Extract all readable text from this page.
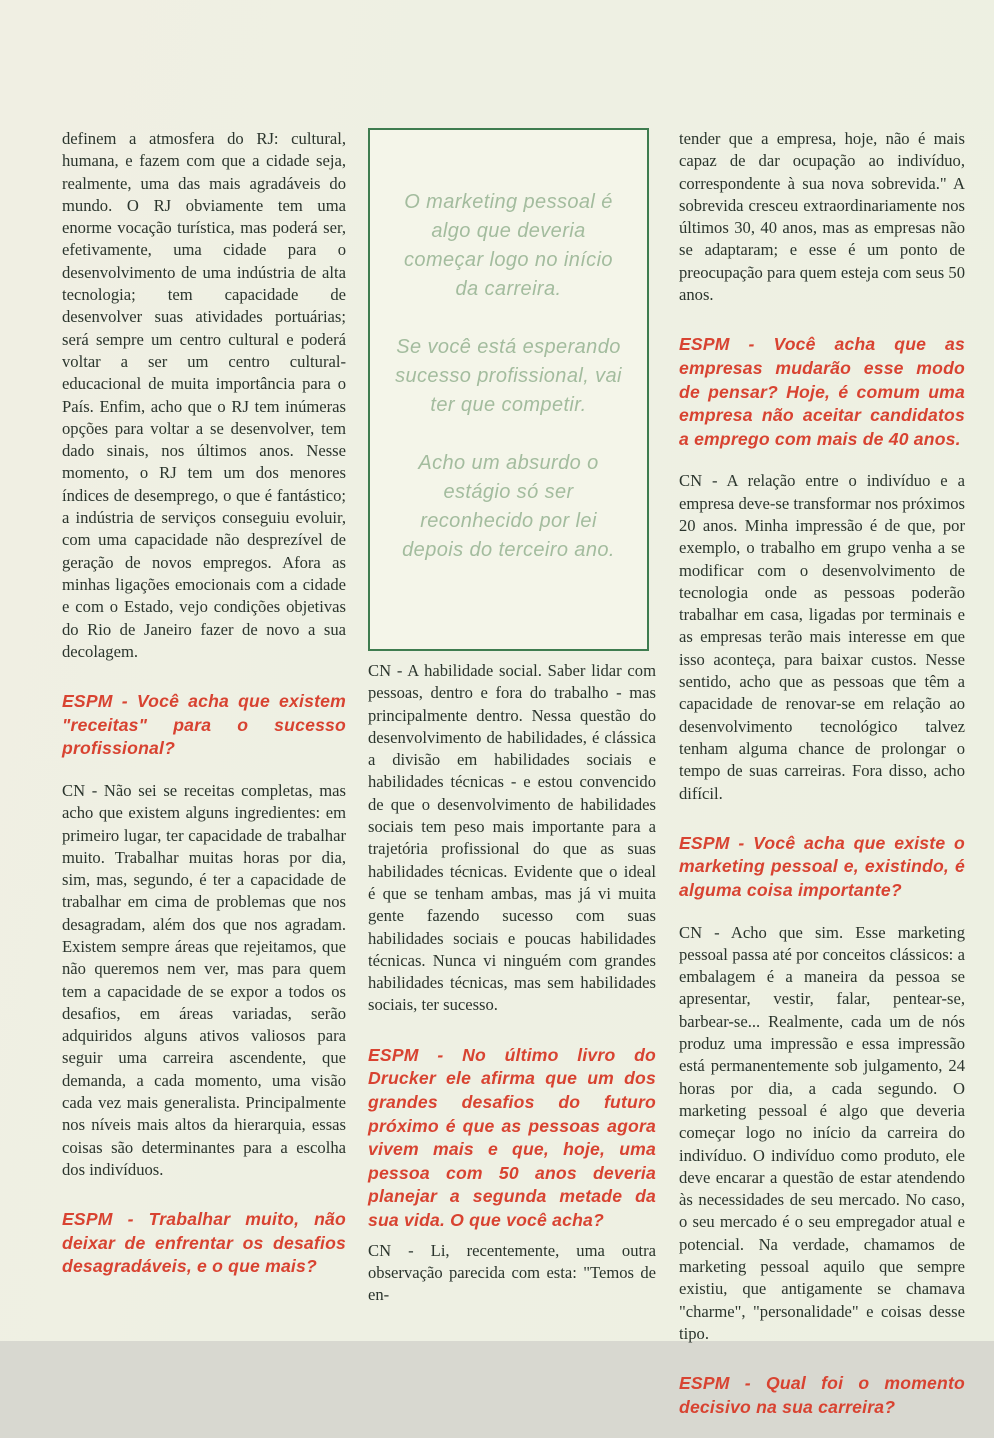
definem a atmosfera do RJ: cultural, humana, e fazem com que a cidade seja, realmente, uma das mais agradáveis do mundo. O RJ obviamente tem uma enorme vocação turística, mas poderá ser, efetivamente, uma cidade para o desenvolvimento de uma indústria de alta tecnologia; tem capacidade de desenvolver suas atividades portuárias; será sempre um centro cultural e poderá voltar a ser um centro cultural-educacional de muita importância para o País. Enfim, acho que o RJ tem inúmeras opções para voltar a se desenvolver, tem dado sinais, nos últimos anos. Nesse momento, o RJ tem um dos menores índices de desemprego, o que é fantástico; a indústria de serviços conseguiu evoluir, com uma capacidade não desprezível de geração de novos empregos. Afora as minhas ligações emocionais com a cidade e com o Estado, vejo condições objetivas do Rio de Janeiro fazer de novo a sua decolagem.

ESPM - Você acha que existem "receitas" para o sucesso profissional?

CN - Não sei se receitas completas, mas acho que existem alguns ingredientes: em primeiro lugar, ter capacidade de trabalhar muito. Trabalhar muitas horas por dia, sim, mas, segundo, é ter a capacidade de trabalhar em cima de problemas que nos desagradam, além dos que nos agradam. Existem sempre áreas que rejeitamos, que não queremos nem ver, mas para quem tem a capacidade de se expor a todos os desafios, em áreas variadas, serão adquiridos alguns ativos valiosos para seguir uma carreira ascendente, que demanda, a cada momento, uma visão cada vez mais generalista. Principalmente nos níveis mais altos da hierarquia, essas coisas são determinantes para a escolha dos indivíduos.

ESPM - Trabalhar muito, não deixar de enfrentar os desafios desagradáveis, e o que mais?

O marketing pessoal é algo que deveria começar logo no início da carreira.

Se você está esperando sucesso profissional, vai ter que competir.

Acho um absurdo o estágio só ser reconhecido por lei depois do terceiro ano.

CN - A habilidade social. Saber lidar com pessoas, dentro e fora do trabalho - mas principalmente dentro. Nessa questão do desenvolvimento de habilidades, é clássica a divisão em habilidades sociais e habilidades técnicas - e estou convencido de que o desenvolvimento de habilidades sociais tem peso mais importante para a trajetória profissional do que as suas habilidades técnicas. Evidente que o ideal é que se tenham ambas, mas já vi muita gente fazendo sucesso com suas habilidades sociais e poucas habilidades técnicas. Nunca vi ninguém com grandes habilidades técnicas, mas sem habilidades sociais, ter sucesso.

ESPM - No último livro do Drucker ele afirma que um dos grandes desafios do futuro próximo é que as pessoas agora vivem mais e que, hoje, uma pessoa com 50 anos deveria planejar a segunda metade da sua vida. O que você acha?

CN - Li, recentemente, uma outra observação parecida com esta: "Temos de en-

tender que a empresa, hoje, não é mais capaz de dar ocupação ao indivíduo, correspondente à sua nova sobrevida." A sobrevida cresceu extraordinariamente nos últimos 30, 40 anos, mas as empresas não se adaptaram; e esse é um ponto de preocupação para quem esteja com seus 50 anos.

ESPM - Você acha que as empresas mudarão esse modo de pensar? Hoje, é comum uma empresa não aceitar candidatos a emprego com mais de 40 anos.

CN - A relação entre o indivíduo e a empresa deve-se transformar nos próximos 20 anos. Minha impressão é de que, por exemplo, o trabalho em grupo venha a se modificar com o desenvolvimento de tecnologia onde as pessoas poderão trabalhar em casa, ligadas por terminais e as empresas terão mais interesse em que isso aconteça, para baixar custos. Nesse sentido, acho que as pessoas que têm a capacidade de renovar-se em relação ao desenvolvimento tecnológico talvez tenham alguma chance de prolongar o tempo de suas carreiras. Fora disso, acho difícil.

ESPM - Você acha que existe o marketing pessoal e, existindo, é alguma coisa importante?

CN - Acho que sim. Esse marketing pessoal passa até por conceitos clássicos: a embalagem é a maneira da pessoa se apresentar, vestir, falar, pentear-se, barbear-se... Realmente, cada um de nós produz uma impressão e essa impressão está permanentemente sob julgamento, 24 horas por dia, a cada segundo. O marketing pessoal é algo que deveria começar logo no início da carreira do indivíduo. O indivíduo como produto, ele deve encarar a questão de estar atendendo às necessidades de seu mercado. No caso, o seu mercado é o seu empregador atual e potencial. Na verdade, chamamos de marketing pessoal aquilo que sempre existiu, que antigamente se chamava "charme", "personalidade" e coisas desse tipo.

ESPM - Qual foi o momento decisivo na sua carreira?
